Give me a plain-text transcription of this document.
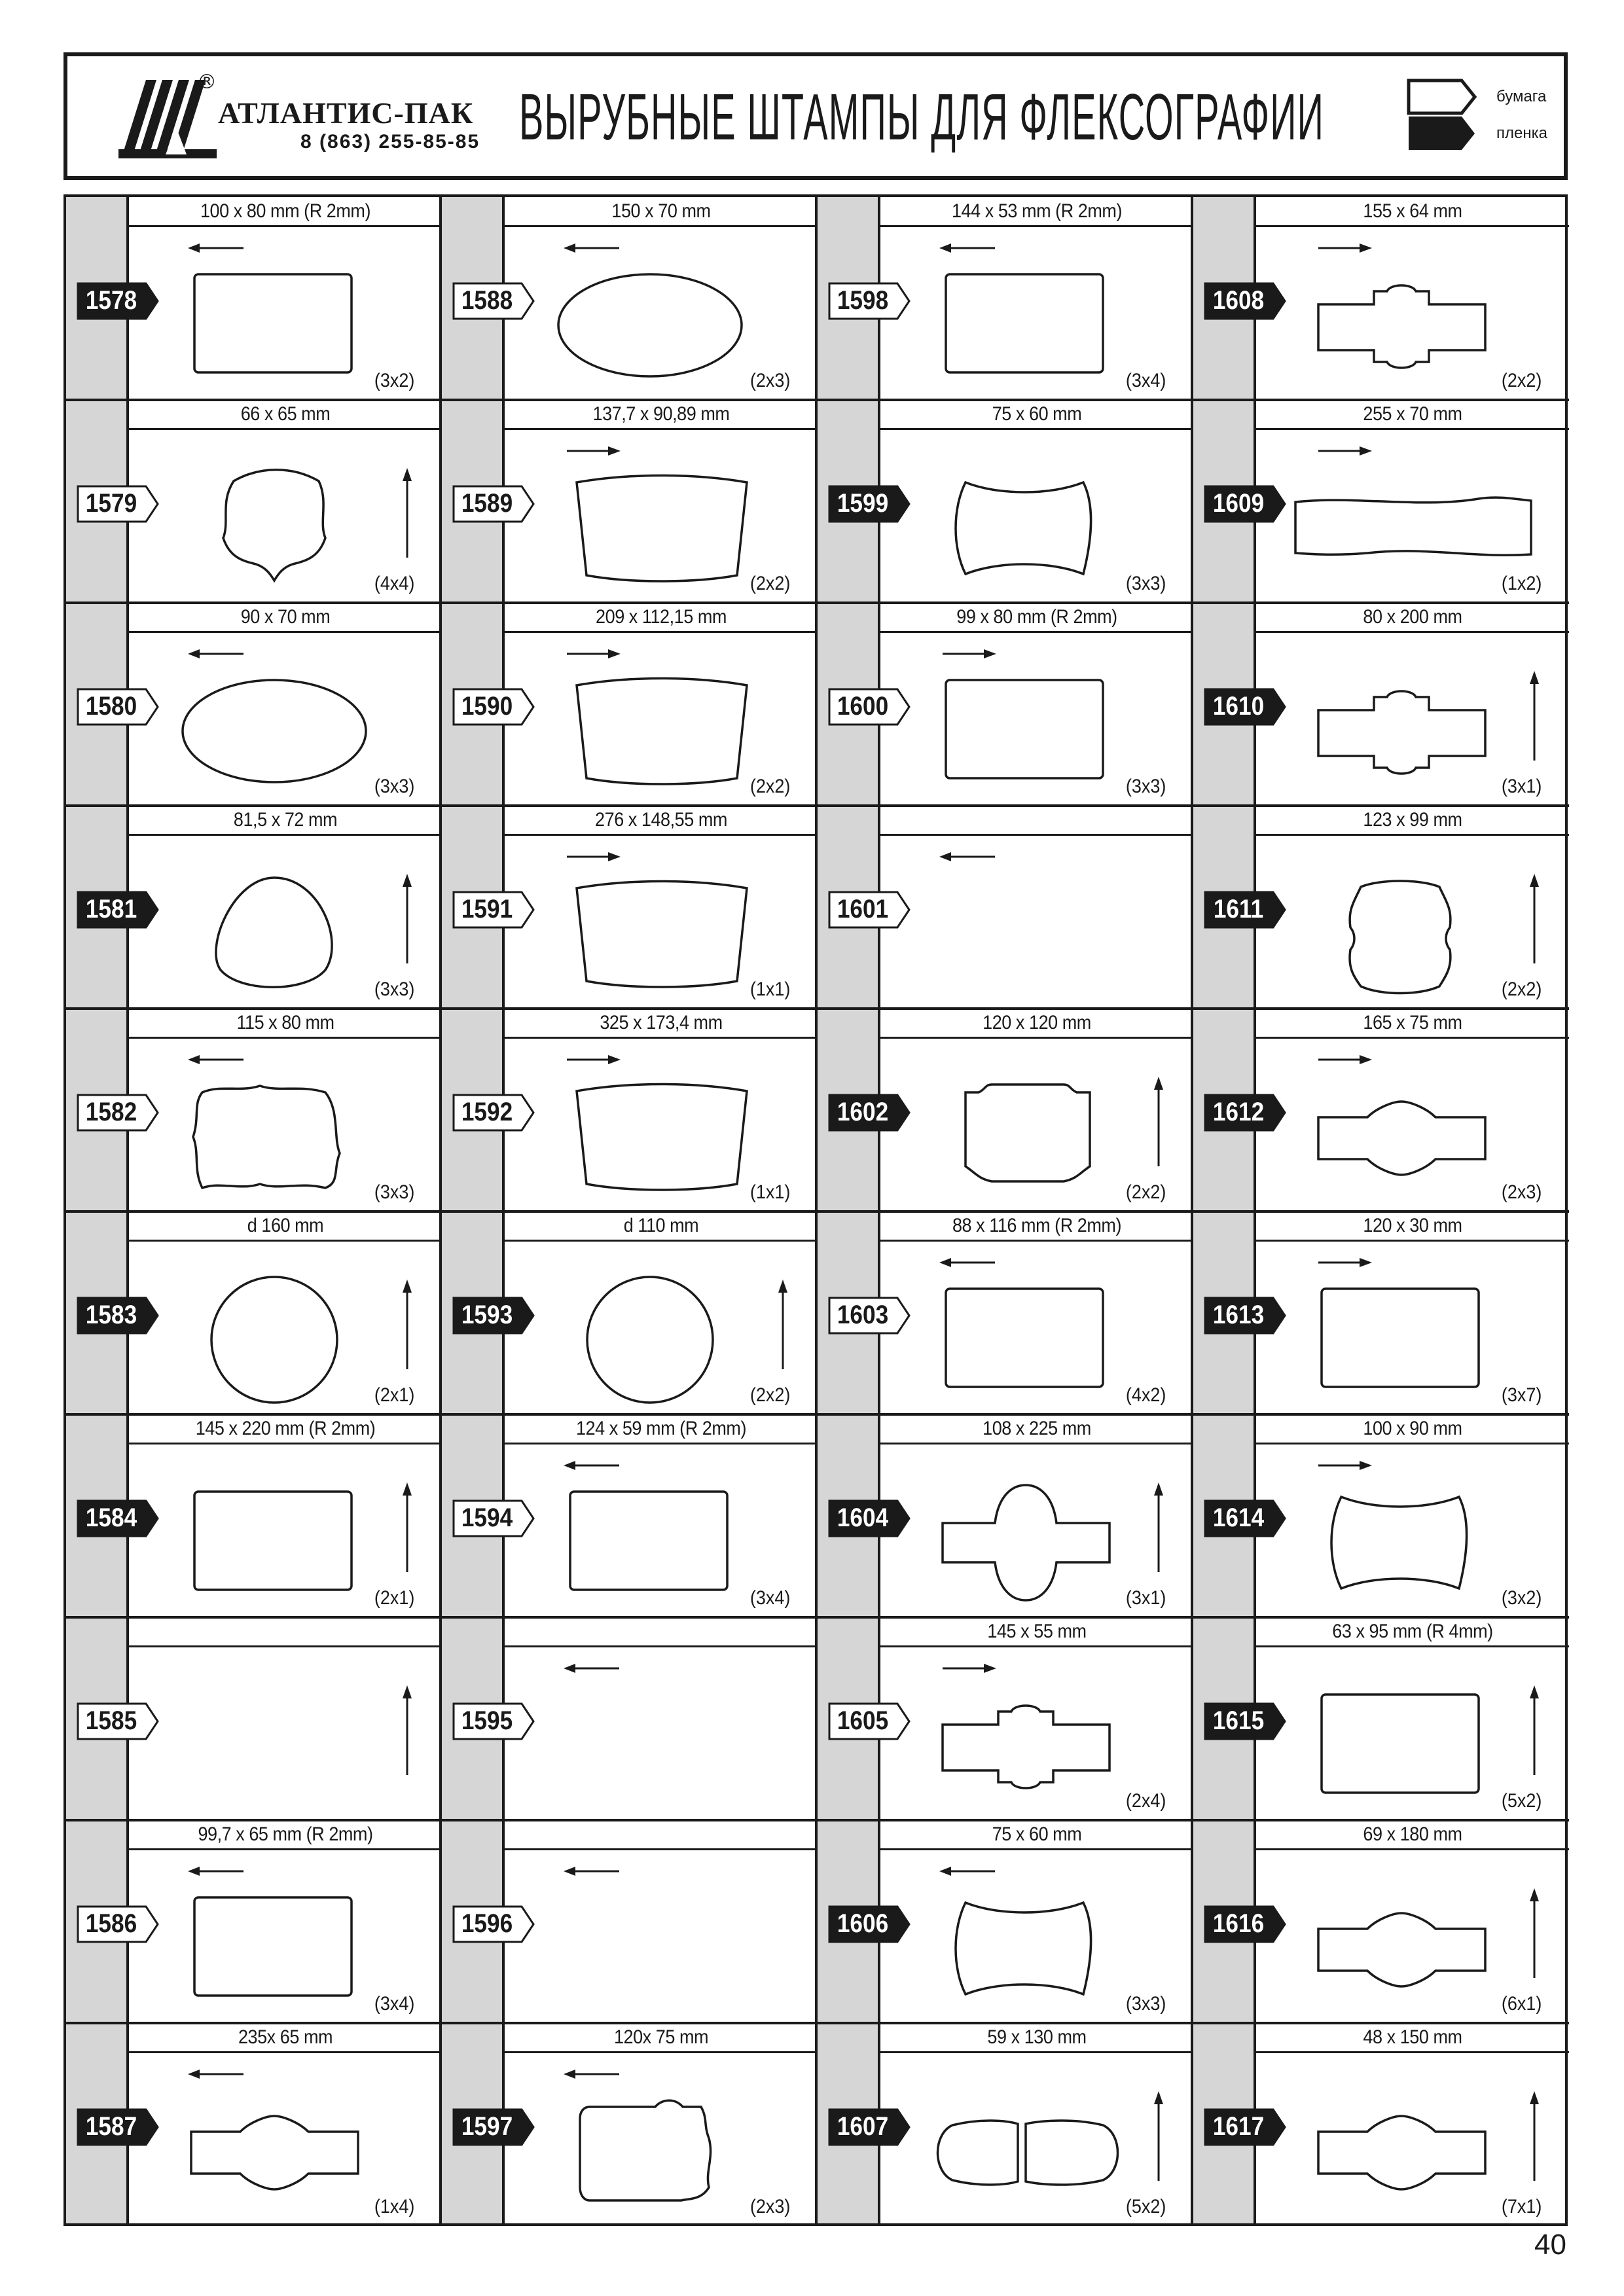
®
АТЛАНТИС-ПАК
8 (863) 255-85-85 ВЫРУБНЫЕ ШТАМПЫ ДЛЯ ФЛЕКСОГРАФИИ	бумага
пленка
100 x 80 mm (R 2mm)
1578
(3x2)
66 x 65 mm
1579
(4x4)
90 x 70 mm
1580
(3x3)
81,5 x 72 mm
1581
(3x3)
115 x 80 mm
1582
(3x3)
d 160 mm
1583
(2x1)
145 x 220 mm (R 2mm)
1584
(2x1)
1585
99,7 x 65 mm (R 2mm)
1586
(3x4)
235x 65 mm
1587
(1x4)
150 x 70 mm
1588
(2x3)
137,7 x 90,89 mm
1589
(2x2)
209 x 112,15 mm
1590
(2x2)
276 x 148,55 mm
1591
(1x1)
325 x 173,4 mm
1592
(1x1)
d 110 mm
1593
(2x2)
124 x 59 mm (R 2mm)
1594
(3x4)
1595
1596
120x 75 mm
1597
(2x3)
144 x 53 mm (R 2mm)
1598
(3x4)
75 x 60 mm
1599
(3x3)
99 x 80 mm (R 2mm)
1600
(3x3)
1601
120 x 120 mm
1602
(2x2)
88 x 116 mm (R 2mm)
1603
(4x2)
108 x 225 mm
1604
(3x1)
145 x 55 mm
1605
(2x4)
75 x 60 mm
1606
(3x3)
59 x 130 mm
1607
(5x2)
155 x 64 mm
1608
(2x2)
255 x 70 mm
1609
(1x2)
80 x 200 mm
1610
(3x1)
123 x 99 mm
1611
(2x2)
165 x 75 mm
1612
(2x3)
120 x 30 mm
1613
(3x7)
100 x 90 mm
1614
(3x2)
63 x 95 mm (R 4mm)
1615
(5x2)
69 x 180 mm
1616
(6x1)
48 x 150 mm
1617
(7x1)
40
